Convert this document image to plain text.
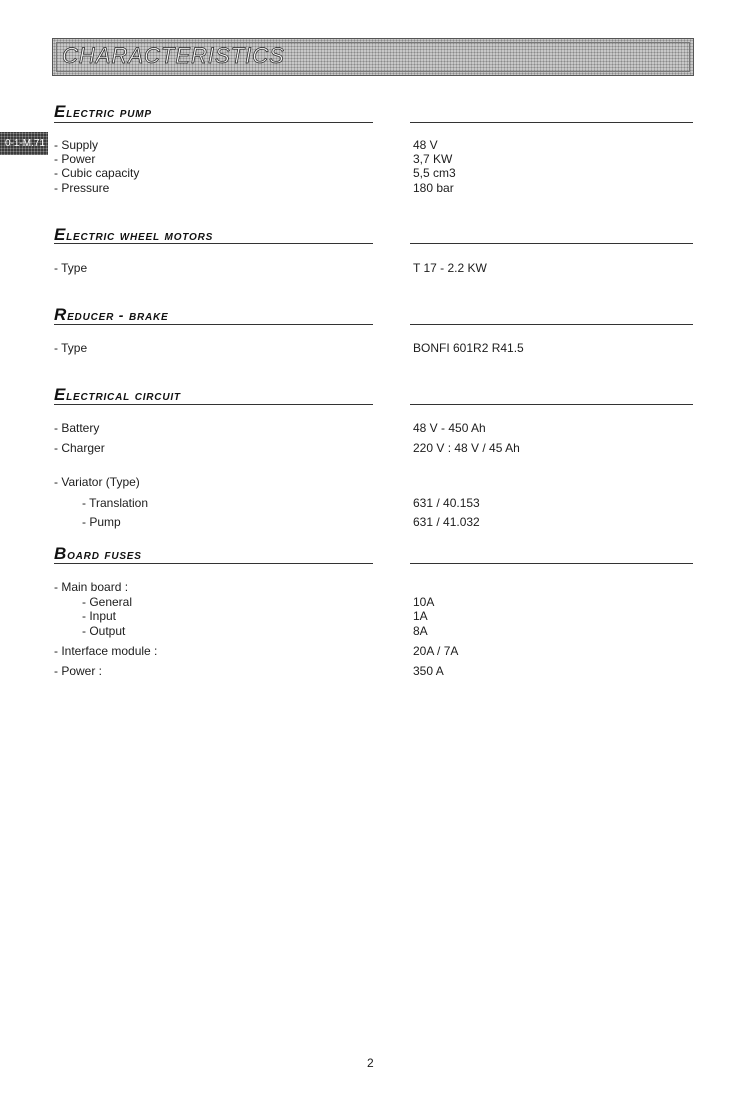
CHARACTERISTICS
0-1-M.71
Electric pump
- Supply	48 V
- Power	3,7 KW
- Cubic capacity	5,5 cm3
- Pressure	180 bar
Electric wheel motors
- Type	T 17 - 2.2 KW
Reducer - brake
- Type	BONFI 601R2 R41.5
Electrical circuit
- Battery	48 V - 450 Ah
- Charger	220 V : 48 V / 45 Ah
- Variator (Type)
- Translation	631 / 40.153
- Pump	631 / 41.032
Board fuses
- Main board :
- General	10A
- Input	1A
- Output	8A
- Interface module :	20A / 7A
- Power :	350 A
2
